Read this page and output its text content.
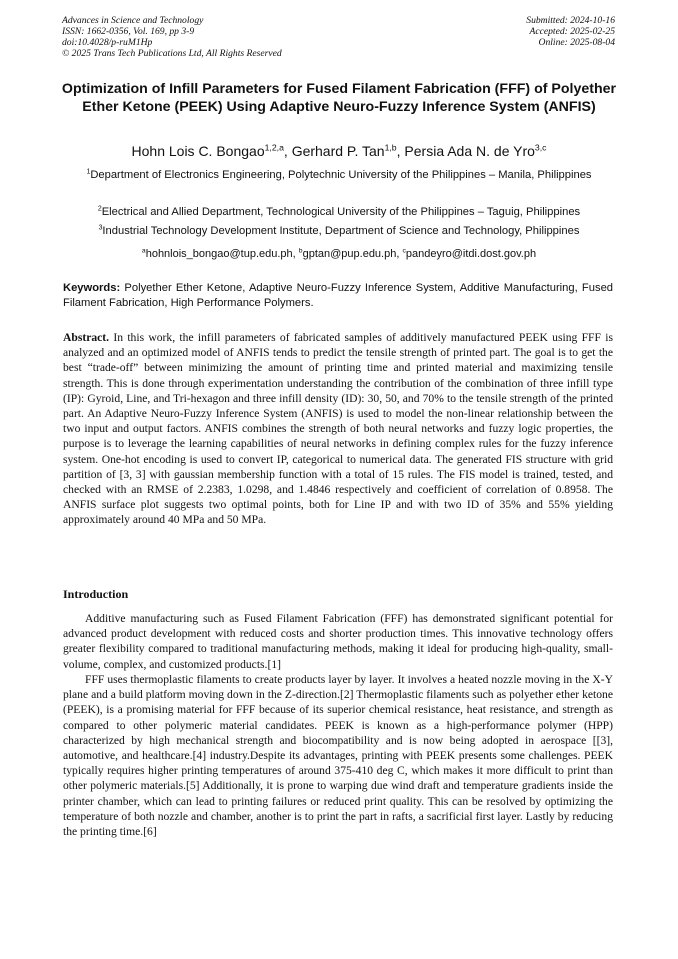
Advances in Science and Technology
ISSN: 1662-0356, Vol. 169, pp 3-9
doi:10.4028/p-ruM1Hp
© 2025 Trans Tech Publications Ltd, All Rights Reserved
Submitted: 2024-10-16
Accepted: 2025-02-25
Online: 2025-08-04
Optimization of Infill Parameters for Fused Filament Fabrication (FFF) of Polyether Ether Ketone (PEEK) Using Adaptive Neuro-Fuzzy Inference System (ANFIS)
Hohn Lois C. Bongao$^{1,2,a}$, Gerhard P. Tan$^{1,b}$, Persia Ada N. de Yro$^{3,c}$
$^1$Department of Electronics Engineering, Polytechnic University of the Philippines – Manila, Philippines
$^2$Electrical and Allied Department, Technological University of the Philippines – Taguig, Philippines
$^3$Industrial Technology Development Institute, Department of Science and Technology, Philippines
$^a$hohnlois_bongao@tup.edu.ph, $^b$gptan@pup.edu.ph, $^c$pandeyro@itdi.dost.gov.ph
Keywords: Polyether Ether Ketone, Adaptive Neuro-Fuzzy Inference System, Additive Manufacturing, Fused Filament Fabrication, High Performance Polymers.
Abstract. In this work, the infill parameters of fabricated samples of additively manufactured PEEK using FFF is analyzed and an optimized model of ANFIS tends to predict the tensile strength of printed part. The goal is to get the best “trade-off” between minimizing the amount of printing time and printed material and maximizing tensile strength. This is done through experimentation understanding the contribution of the combination of three infill type (IP): Gyroid, Line, and Tri-hexagon and three infill density (ID): 30, 50, and 70% to the tensile strength of the printed part. An Adaptive Neuro-Fuzzy Inference System (ANFIS) is used to model the non-linear relationship between the two input and output factors. ANFIS combines the strength of both neural networks and fuzzy logic properties, the purpose is to leverage the learning capabilities of neural networks in defining complex rules for the fuzzy inference system. One-hot encoding is used to convert IP, categorical to numerical data. The generated FIS structure with grid partition of [3, 3] with gaussian membership function with a total of 15 rules. The FIS model is trained, tested, and checked with an RMSE of 2.2383, 1.0298, and 1.4846 respectively and coefficient of correlation of 0.8958. The ANFIS surface plot suggests two optimal points, both for Line IP and with two ID of 35% and 55% yielding approximately around 40 MPa and 50 MPa.
Introduction

Additive manufacturing such as Fused Filament Fabrication (FFF) has demonstrated significant potential for advanced product development with reduced costs and shorter production times. This innovative technology offers greater flexibility compared to traditional manufacturing methods, making it ideal for producing high-quality, small-volume, complex, and customized products.[1]

FFF uses thermoplastic filaments to create products layer by layer. It involves a heated nozzle moving in the X-Y plane and a build platform moving down in the Z-direction.[2] Thermoplastic filaments such as polyether ether ketone (PEEK), is a promising material for FFF because of its superior chemical resistance, heat resistance, and strength as compared to other polymeric material candidates. PEEK is known as a high-performance polymer (HPP) characterized by high mechanical strength and biocompatibility and is now being adopted in aerospace [[3], automotive, and healthcare.[4] industry.Despite its advantages, printing with PEEK presents some challenges. PEEK typically requires higher printing temperatures of around 375-410 deg C, which makes it more difficult to print than other polymeric materials.[5] Additionally, it is prone to warping due wind draft and temperature gradients inside the printer chamber, which can lead to printing failures or reduced print quality. This can be resolved by optimizing the temperature of both nozzle and chamber, another is to print the part in rafts, a sacrificial first layer. Lastly by reducing the printing time.[6]
